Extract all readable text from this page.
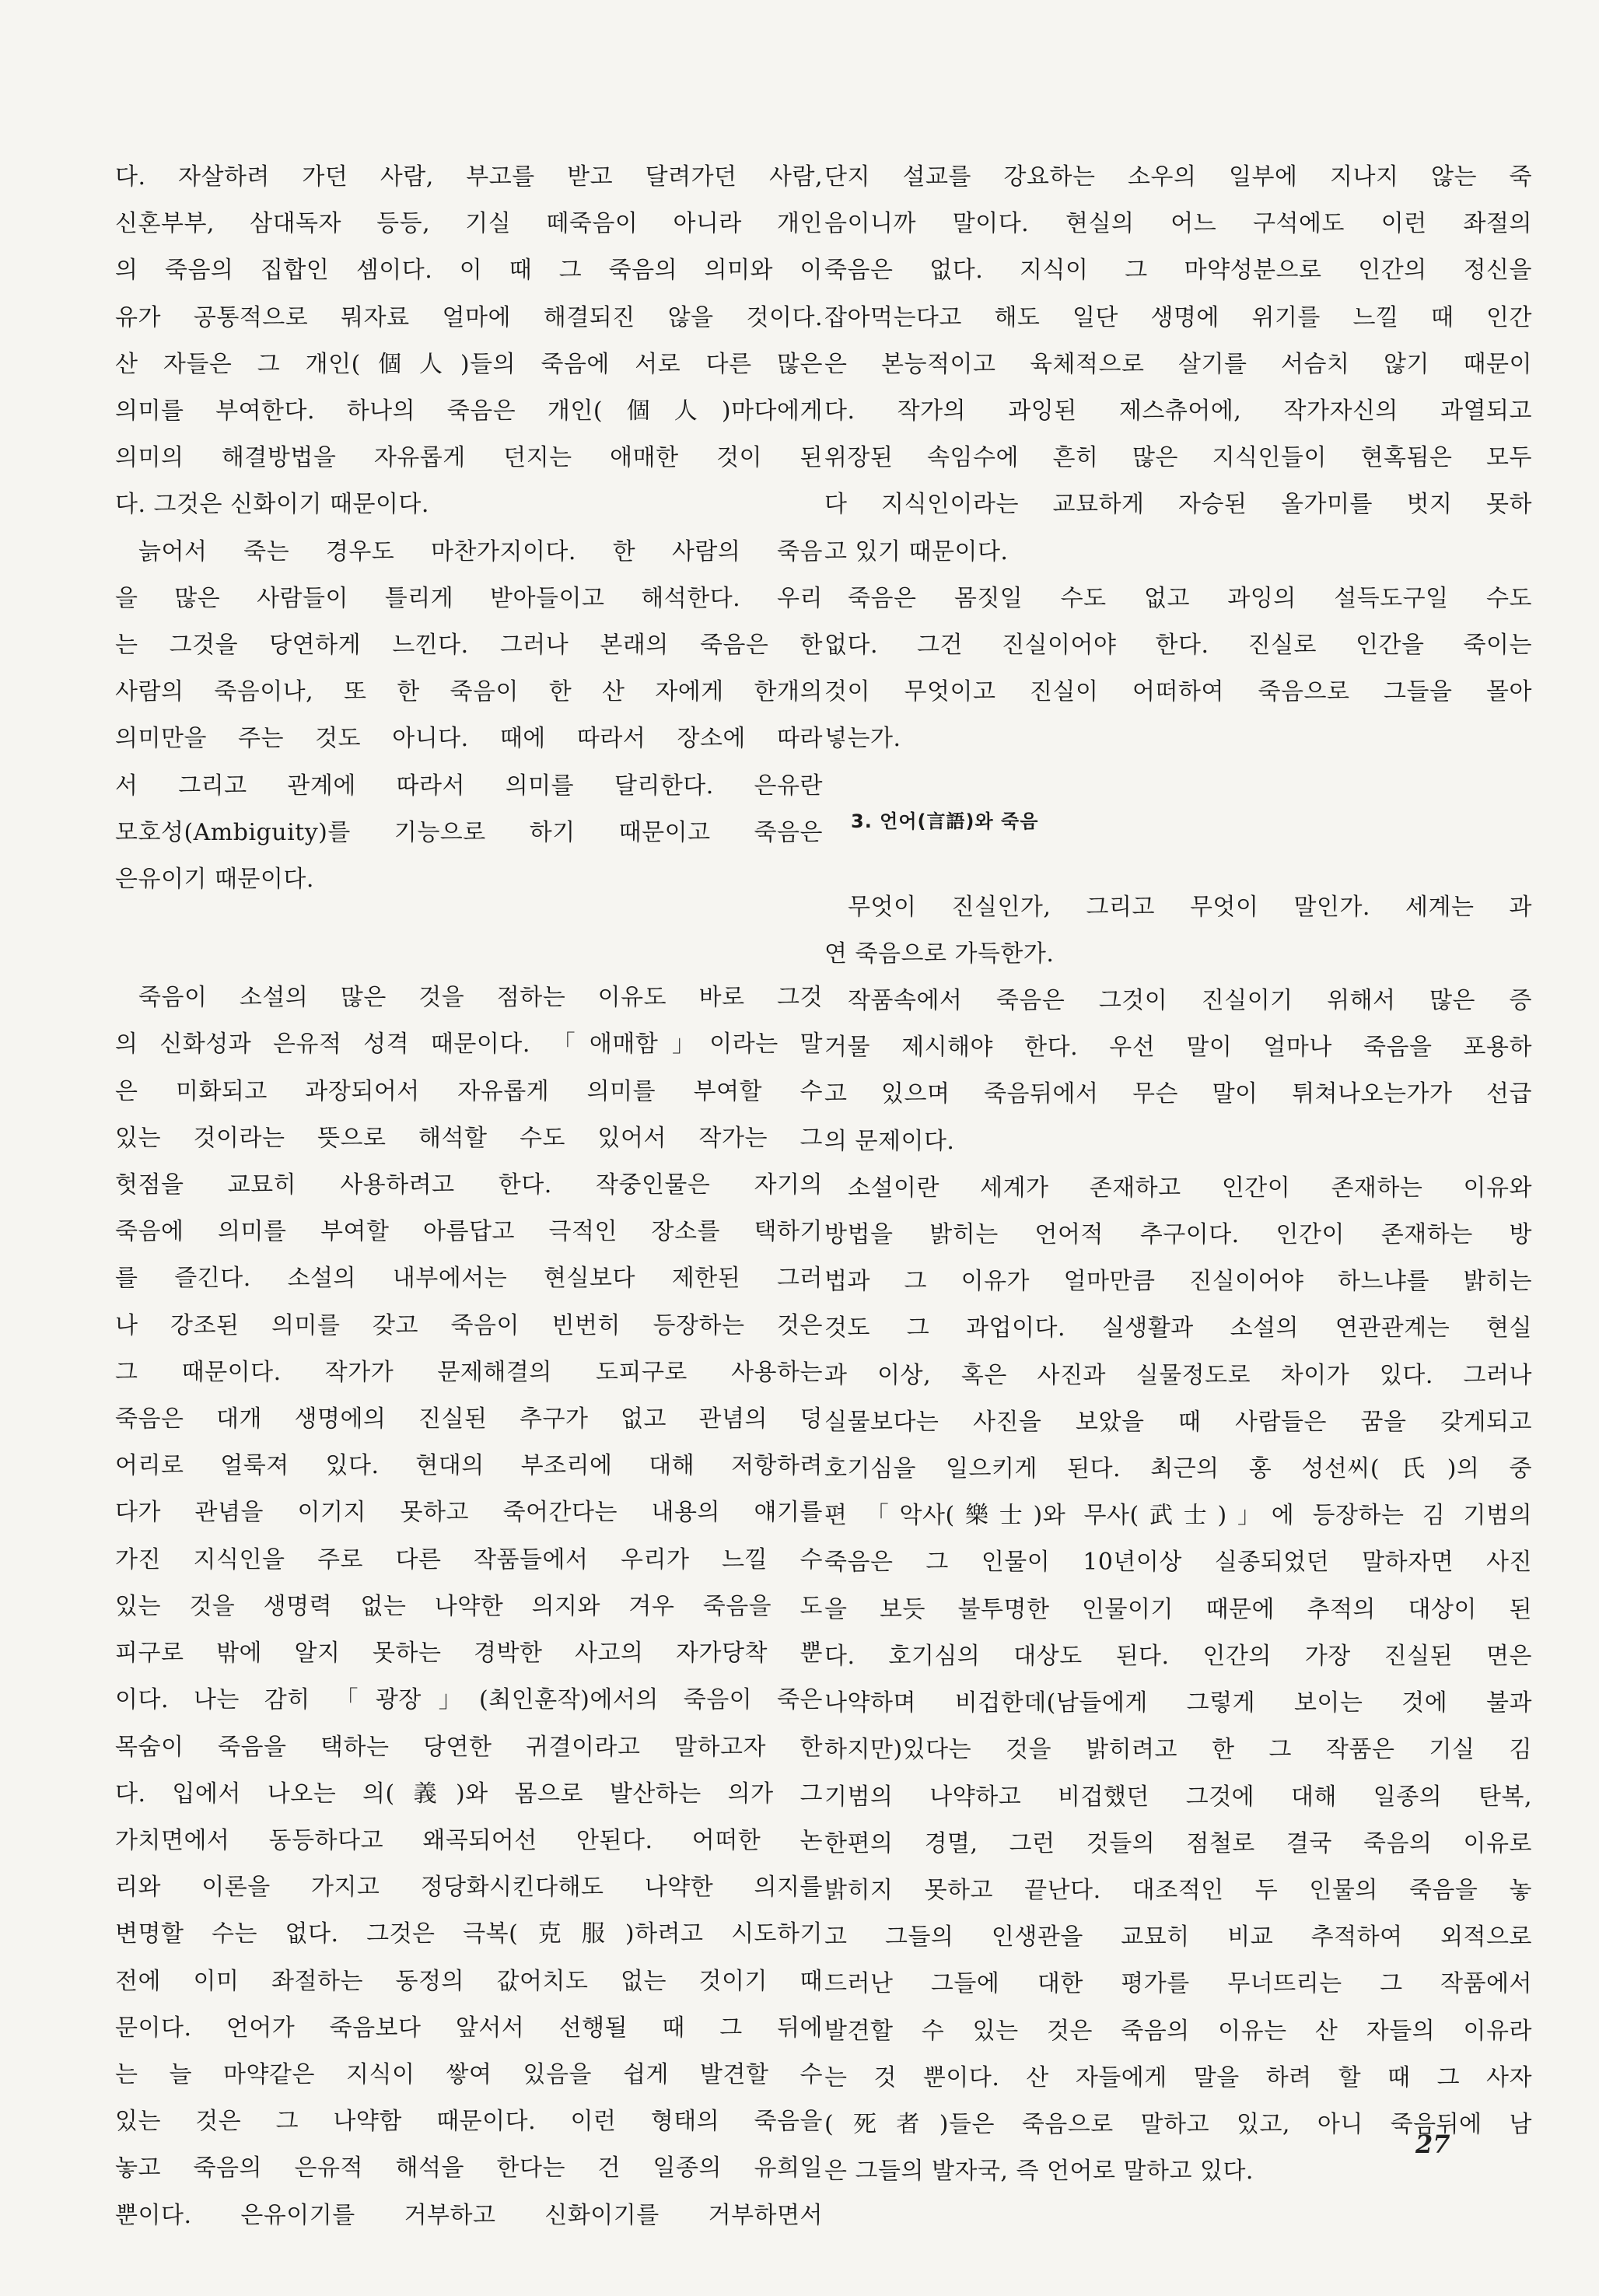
다. 자살하려 가던 사람, 부고를 받고 달려가던 사람,

신혼부부, 삼대독자 등등, 기실 떼죽음이 아니라 개인

의 죽음의 집합인 셈이다. 이 때 그 죽음의 의미와 이

유가 공통적으로 뭐자료 얼마에 해결되진 않을 것이다.

산 자들은 그 개인(個人)들의 죽음에 서로 다른 많은

의미를 부여한다. 하나의 죽음은 개인(個人)마다에게

의미의 해결방법을 자유롭게 던지는 애매한 것이 된

다. 그것은 신화이기 때문이다.

늙어서 죽는 경우도 마찬가지이다. 한 사람의 죽음

을 많은 사람들이 틀리게 받아들이고 해석한다. 우리

는 그것을 당연하게 느낀다. 그러나 본래의 죽음은 한

사람의 죽음이나, 또 한 죽음이 한 산 자에게 한개의

의미만을 주는 것도 아니다. 때에 따라서 장소에 따라

서 그리고 관계에 따라서 의미를 달리한다. 은유란

모호성(Ambiguity)를 기능으로 하기 때문이고 죽음은

은유이기 때문이다.

죽음이 소설의 많은 것을 점하는 이유도 바로 그것

의 신화성과 은유적 성격 때문이다. 「애매함」이라는 말

은 미화되고 과장되어서 자유롭게 의미를 부여할 수

있는 것이라는 뜻으로 해석할 수도 있어서 작가는 그

헛점을 교묘히 사용하려고 한다. 작중인물은 자기의

죽음에 의미를 부여할 아름답고 극적인 장소를 택하기

를 즐긴다. 소설의 내부에서는 현실보다 제한된 그러

나 강조된 의미를 갖고 죽음이 빈번히 등장하는 것은

그 때문이다. 작가가 문제해결의 도피구로 사용하는

죽음은 대개 생명에의 진실된 추구가 없고 관념의 덩

어리로 얼룩져 있다. 현대의 부조리에 대해 저항하려

다가 관념을 이기지 못하고 죽어간다는 내용의 얘기를

가진 지식인을 주로 다른 작품들에서 우리가 느낄 수

있는 것을 생명력 없는 나약한 의지와 겨우 죽음을 도

피구로 밖에 알지 못하는 경박한 사고의 자가당착 뿐

이다. 나는 감히 「광장」(최인훈작)에서의 죽음이 죽은

목숨이 죽음을 택하는 당연한 귀결이라고 말하고자 한

다. 입에서 나오는 의(義)와 몸으로 발산하는 의가 그

가치면에서 동등하다고 왜곡되어선 안된다. 어떠한 논

리와 이론을 가지고 정당화시킨다해도 나약한 의지를

변명할 수는 없다. 그것은 극복(克服)하려고 시도하기

전에 이미 좌절하는 동정의 값어치도 없는 것이기 때

문이다. 언어가 죽음보다 앞서서 선행될 때 그 뒤에

는 늘 마약같은 지식이 쌓여 있음을 쉽게 발견할 수

있는 것은 그 나약함 때문이다. 이런 형태의 죽음을

놓고 죽음의 은유적 해석을 한다는 건 일종의 유희일

뿐이다. 은유이기를 거부하고 신화이기를 거부하면서

단지 설교를 강요하는 소우의 일부에 지나지 않는 죽

음이니까 말이다. 현실의 어느 구석에도 이런 좌절의

죽음은 없다. 지식이 그 마약성분으로 인간의 정신을

잡아먹는다고 해도 일단 생명에 위기를 느낄 때 인간

은 본능적이고 육체적으로 살기를 서슴치 않기 때문이

다. 작가의 과잉된 제스츄어에, 작가자신의 과열되고

위장된 속임수에 흔히 많은 지식인들이 현혹됨은 모두

다 지식인이라는 교묘하게 자승된 올가미를 벗지 못하

고 있기 때문이다.

죽음은 몸짓일 수도 없고 과잉의 설득도구일 수도

없다. 그건 진실이어야 한다. 진실로 인간을 죽이는

것이 무엇이고 진실이 어떠하여 죽음으로 그들을 몰아

넣는가.

3. 언어(言語)와 죽음

무엇이 진실인가, 그리고 무엇이 말인가. 세계는 과

연 죽음으로 가득한가.

작품속에서 죽음은 그것이 진실이기 위해서 많은 증

거물 제시해야 한다. 우선 말이 얼마나 죽음을 포용하

고 있으며 죽음뒤에서 무슨 말이 튀쳐나오는가가 선급

의 문제이다.

소설이란 세계가 존재하고 인간이 존재하는 이유와

방법을 밝히는 언어적 추구이다. 인간이 존재하는 방

법과 그 이유가 얼마만큼 진실이어야 하느냐를 밝히는

것도 그 과업이다. 실생활과 소설의 연관관계는 현실

과 이상, 혹은 사진과 실물정도로 차이가 있다. 그러나

실물보다는 사진을 보았을 때 사람들은 꿈을 갖게되고

호기심을 일으키게 된다. 최근의 홍 성선씨(氏)의 중

편 「악사(樂士)와 무사(武士)」에 등장하는 김 기범의

죽음은 그 인물이 10년이상 실종되었던 말하자면 사진

을 보듯 불투명한 인물이기 때문에 추적의 대상이 된

다. 호기심의 대상도 된다. 인간의 가장 진실된 면은

나약하며 비겁한데(남들에게 그렇게 보이는 것에 불과

하지만)있다는 것을 밝히려고 한 그 작품은 기실 김

기범의 나약하고 비겁했던 그것에 대해 일종의 탄복,

한편의 경멸, 그런 것들의 점철로 결국 죽음의 이유로

밝히지 못하고 끝난다. 대조적인 두 인물의 죽음을 놓

고 그들의 인생관을 교묘히 비교 추적하여 외적으로

드러난 그들에 대한 평가를 무너뜨리는 그 작품에서

발견할 수 있는 것은 죽음의 이유는 산 자들의 이유라

는 것 뿐이다. 산 자들에게 말을 하려 할 때 그 사자

(死者)들은 죽음으로 말하고 있고, 아니 죽음뒤에 남

은 그들의 발자국, 즉 언어로 말하고 있다.

27
